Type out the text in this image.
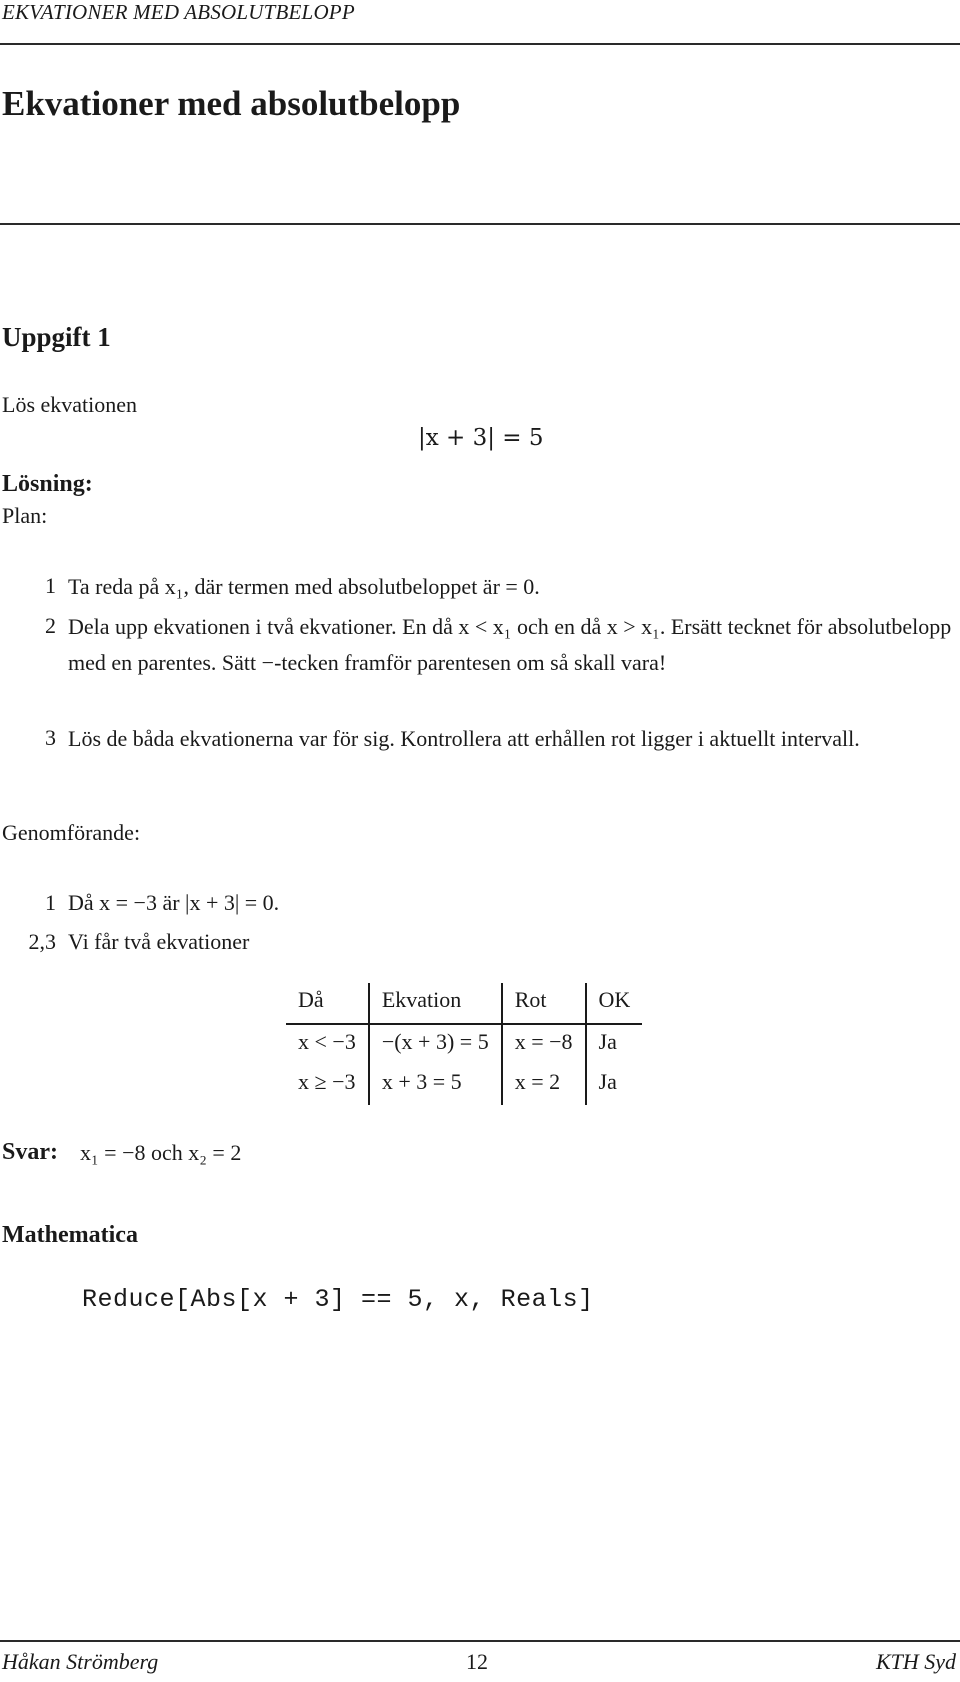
EKVATIONER MED ABSOLUTBELOPP
Ekvationer med absolutbelopp
Uppgift 1
Lös ekvationen
|x + 3| = 5
Lösning:
Plan:
1 Ta reda på x₁, där termen med absolutbeloppet är = 0.
2 Dela upp ekvationen i två ekvationer. En då x < x₁ och en då x > x₁. Ersätt tecknet för absolutbelopp med en parentes. Sätt −-tecken framför parentesen om så skall vara!
3 Lös de båda ekvationerna var för sig. Kontrollera att erhållen rot ligger i aktuellt intervall.
Genomförande:
1 Då x = −3 är |x + 3| = 0.
2,3 Vi får två ekvationer
Då	Ekvation	Rot	OK
x < −3	−(x + 3) = 5	x = −8	Ja
x ≥ −3	x + 3 = 5	x = 2	Ja
Svar: x₁ = −8 och x₂ = 2
Mathematica
Reduce[Abs[x + 3] == 5, x, Reals]
Håkan Strömberg	12	KTH Syd
